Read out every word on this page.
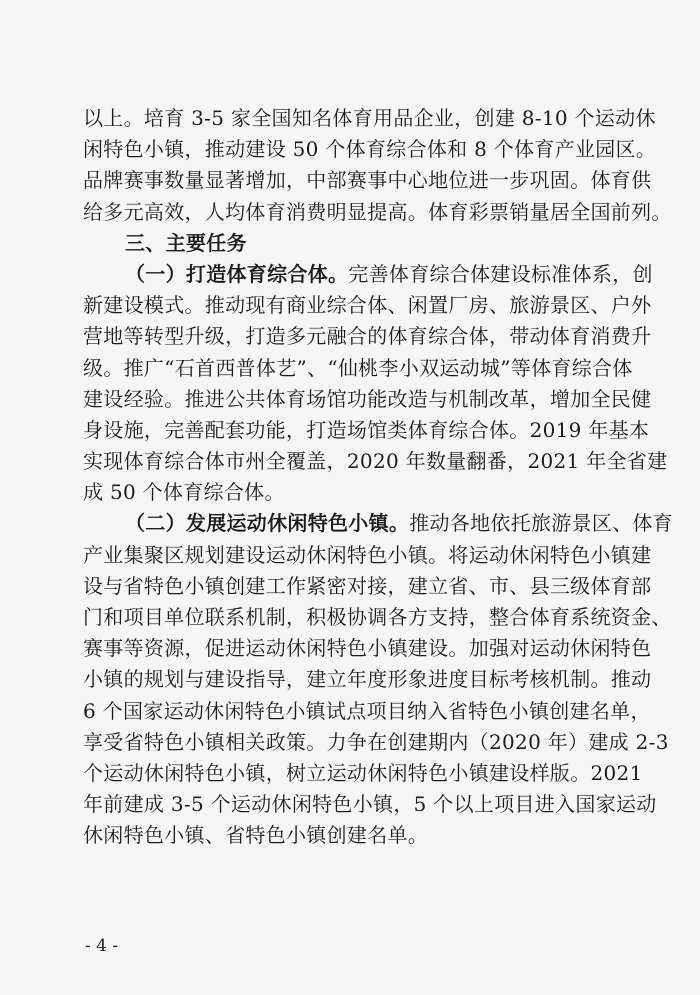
以上。培育 3-5 家全国知名体育用品企业，创建 8-10 个运动休
闲特色小镇，推动建设 50 个体育综合体和 8 个体育产业园区。
品牌赛事数量显著增加，中部赛事中心地位进一步巩固。体育供
给多元高效，人均体育消费明显提高。体育彩票销量居全国前列。
三、主要任务
（一）打造体育综合体。完善体育综合体建设标准体系，创
新建设模式。推动现有商业综合体、闲置厂房、旅游景区、户外
营地等转型升级，打造多元融合的体育综合体，带动体育消费升
级。推广“石首西普体艺”、“仙桃李小双运动城”等体育综合体
建设经验。推进公共体育场馆功能改造与机制改革，增加全民健
身设施，完善配套功能，打造场馆类体育综合体。2019 年基本
实现体育综合体市州全覆盖，2020 年数量翻番，2021 年全省建
成 50 个体育综合体。
（二）发展运动休闲特色小镇。推动各地依托旅游景区、体育
产业集聚区规划建设运动休闲特色小镇。将运动休闲特色小镇建
设与省特色小镇创建工作紧密对接，建立省、市、县三级体育部
门和项目单位联系机制，积极协调各方支持，整合体育系统资金、
赛事等资源，促进运动休闲特色小镇建设。加强对运动休闲特色
小镇的规划与建设指导，建立年度形象进度目标考核机制。推动
6 个国家运动休闲特色小镇试点项目纳入省特色小镇创建名单，
享受省特色小镇相关政策。力争在创建期内（2020 年）建成 2-3
个运动休闲特色小镇，树立运动休闲特色小镇建设样版。2021
年前建成 3-5 个运动休闲特色小镇，5 个以上项目进入国家运动
休闲特色小镇、省特色小镇创建名单。
- 4 -
